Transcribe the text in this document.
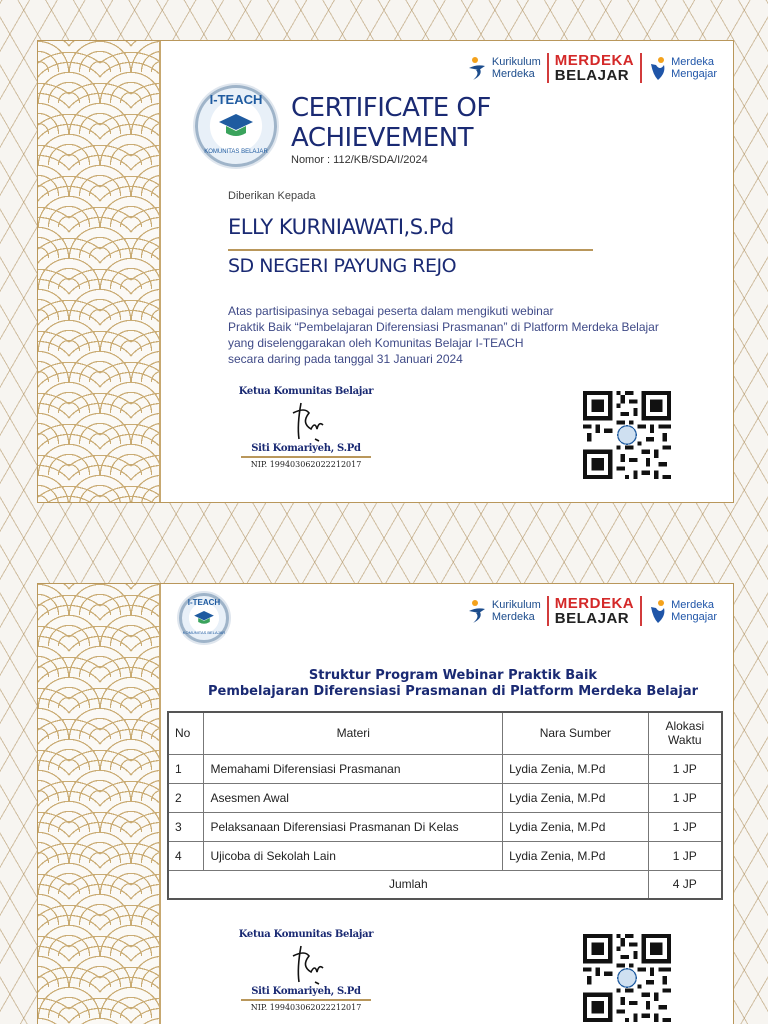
Kurikulum
Merdeka
MERDEKA
BELAJAR
Merdeka
Mengajar
I-TEACH
KOMUNITAS BELAJAR
CERTIFICATE OF
ACHIEVEMENT
Nomor : 112/KB/SDA/I/2024
Diberikan Kepada
ELLY KURNIAWATI,S.Pd
SD NEGERI PAYUNG REJO
Atas partisipasinya sebagai peserta dalam mengikuti webinar
Praktik Baik “Pembelajaran Diferensiasi Prasmanan” di Platform Merdeka Belajar
yang diselenggarakan oleh Komunitas Belajar I-TEACH
secara daring pada tanggal 31 Januari 2024
Ketua Komunitas Belajar
Siti Komariyeh, S.Pd
NIP. 199403062022212017
Kurikulum
Merdeka
MERDEKA
BELAJAR
Merdeka
Mengajar
I-TEACH
KOMUNITAS BELAJAR
Struktur Program Webinar Praktik Baik
Pembelajaran Diferensiasi Prasmanan di Platform Merdeka Belajar
No	Materi	Nara Sumber	Alokasi
Waktu
1	Memahami Diferensiasi Prasmanan	Lydia Zenia, M.Pd	1 JP
2	Asesmen Awal	Lydia Zenia, M.Pd	1 JP
3	Pelaksanaan Diferensiasi Prasmanan Di Kelas	Lydia Zenia, M.Pd	1 JP
4	Ujicoba di Sekolah Lain	Lydia Zenia, M.Pd	1 JP
Jumlah			4 JP
Ketua Komunitas Belajar
Siti Komariyeh, S.Pd
NIP. 199403062022212017
